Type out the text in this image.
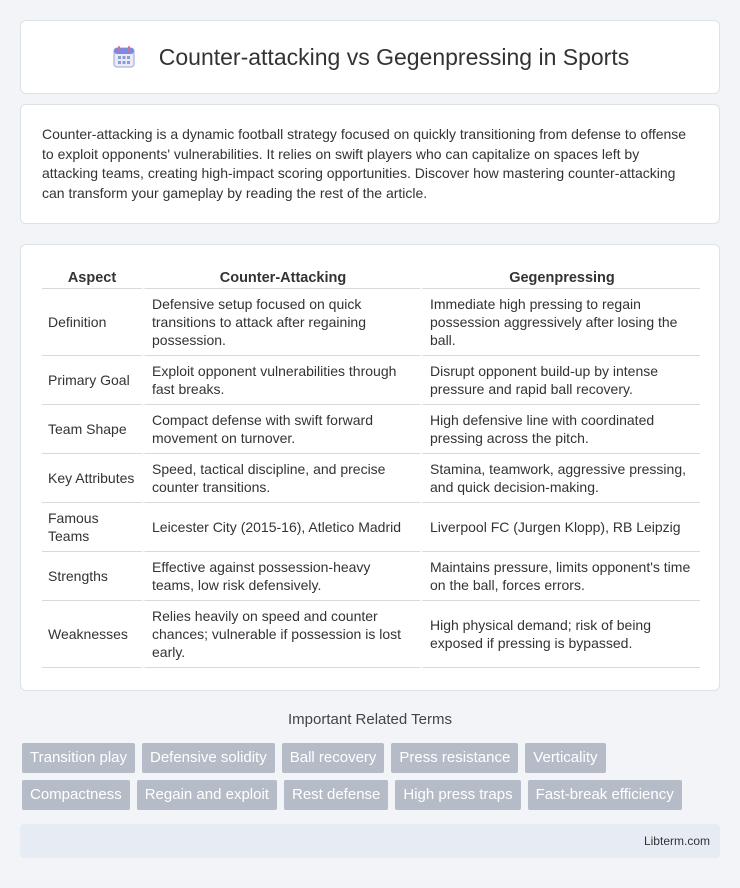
Counter-attacking vs Gegenpressing in Sports

Counter-attacking is a dynamic football strategy focused on quickly transitioning from defense to offense to exploit opponents' vulnerabilities. It relies on swift players who can capitalize on spaces left by attacking teams, creating high-impact scoring opportunities. Discover how mastering counter-attacking can transform your gameplay by reading the rest of the article.

Aspect	Counter-Attacking	Gegenpressing
Definition	Defensive setup focused on quick transitions to attack after regaining possession.	Immediate high pressing to regain possession aggressively after losing the ball.
Primary Goal	Exploit opponent vulnerabilities through fast breaks.	Disrupt opponent build-up by intense pressure and rapid ball recovery.
Team Shape	Compact defense with swift forward movement on turnover.	High defensive line with coordinated pressing across the pitch.
Key Attributes	Speed, tactical discipline, and precise counter transitions.	Stamina, teamwork, aggressive pressing, and quick decision-making.
Famous Teams	Leicester City (2015-16), Atletico Madrid	Liverpool FC (Jurgen Klopp), RB Leipzig
Strengths	Effective against possession-heavy teams, low risk defensively.	Maintains pressure, limits opponent's time on the ball, forces errors.
Weaknesses	Relies heavily on speed and counter chances; vulnerable if possession is lost early.	High physical demand; risk of being exposed if pressing is bypassed.
Important Related Terms
Transition play	Defensive solidity	Ball recovery	Press resistance	Verticality
Compactness	Regain and exploit	Rest defense	High press traps	Fast-break efficiency
Libterm.com
